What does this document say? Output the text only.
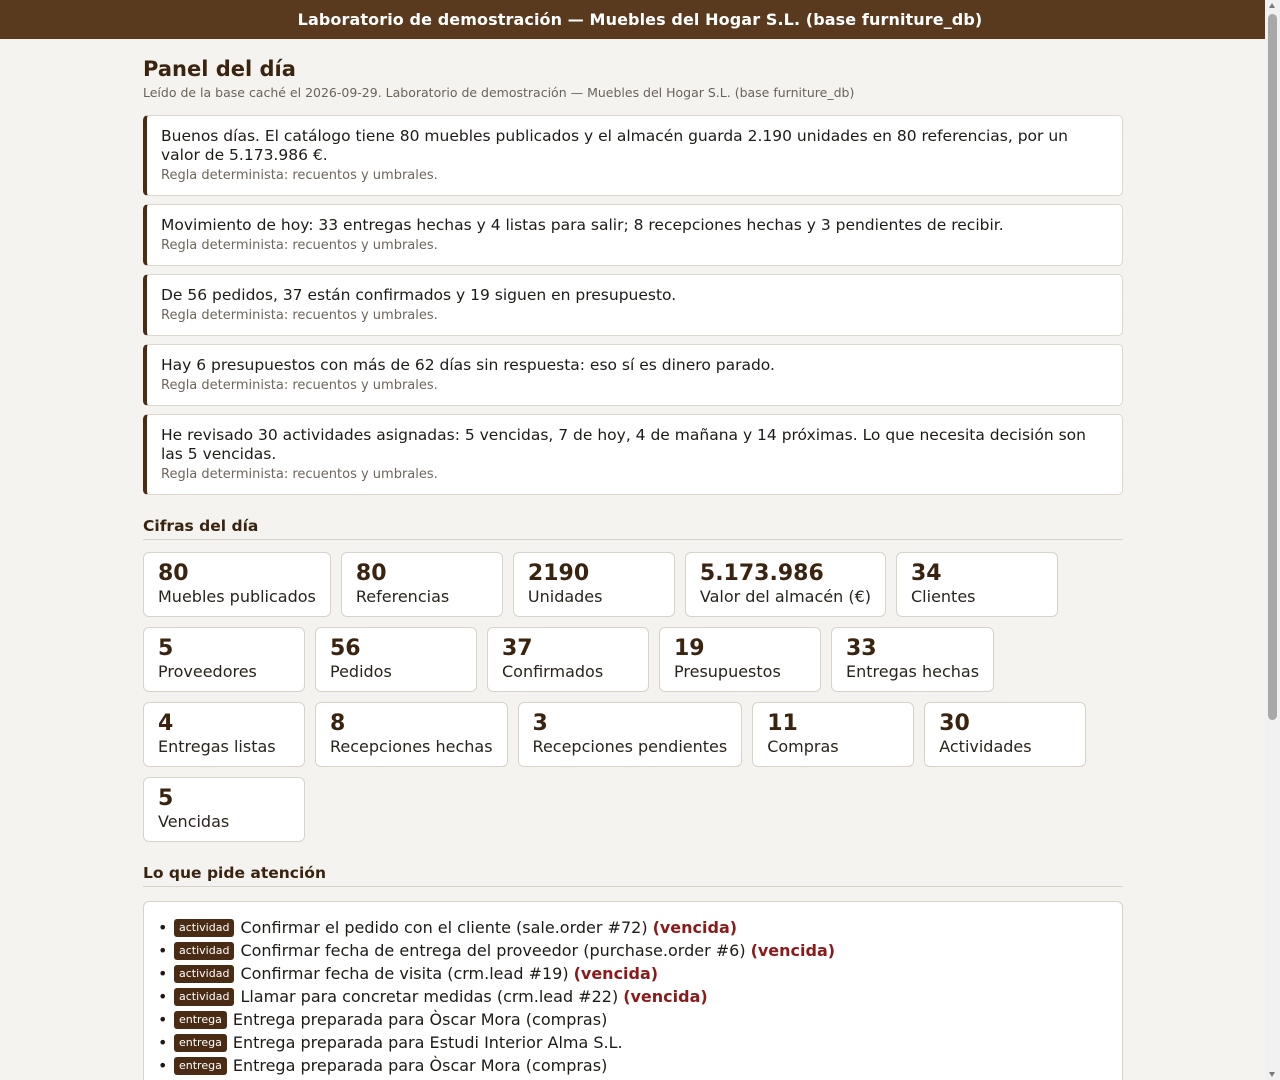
Laboratorio de demostración — Muebles del Hogar S.L. (base furniture_db)
Panel del día
Leído de la base caché el 2026-09-29. Laboratorio de demostración — Muebles del Hogar S.L. (base furniture_db)
Buenos días. El catálogo tiene 80 muebles publicados y el almacén guarda 2.190 unidades en 80 referencias, por un valor de 5.173.986 €.
Regla determinista: recuentos y umbrales.
Movimiento de hoy: 33 entregas hechas y 4 listas para salir; 8 recepciones hechas y 3 pendientes de recibir.
Regla determinista: recuentos y umbrales.
De 56 pedidos, 37 están confirmados y 19 siguen en presupuesto.
Regla determinista: recuentos y umbrales.
Hay 6 presupuestos con más de 62 días sin respuesta: eso sí es dinero parado.
Regla determinista: recuentos y umbrales.
He revisado 30 actividades asignadas: 5 vencidas, 7 de hoy, 4 de mañana y 14 próximas. Lo que necesita decisión son las 5 vencidas.
Regla determinista: recuentos y umbrales.
Cifras del día
80
Muebles publicados
80
Referencias
2190
Unidades
5.173.986
Valor del almacén (€)
34
Clientes
5
Proveedores
56
Pedidos
37
Confirmados
19
Presupuestos
33
Entregas hechas
4
Entregas listas
8
Recepciones hechas
3
Recepciones pendientes
11
Compras
30
Actividades
5
Vencidas
Lo que pide atención
• actividad Confirmar el pedido con el cliente (sale.order #72) (vencida)
• actividad Confirmar fecha de entrega del proveedor (purchase.order #6) (vencida)
• actividad Confirmar fecha de visita (crm.lead #19) (vencida)
• actividad Llamar para concretar medidas (crm.lead #22) (vencida)
• entrega Entrega preparada para Òscar Mora (compras)
• entrega Entrega preparada para Estudi Interior Alma S.L.
• entrega Entrega preparada para Òscar Mora (compras)
